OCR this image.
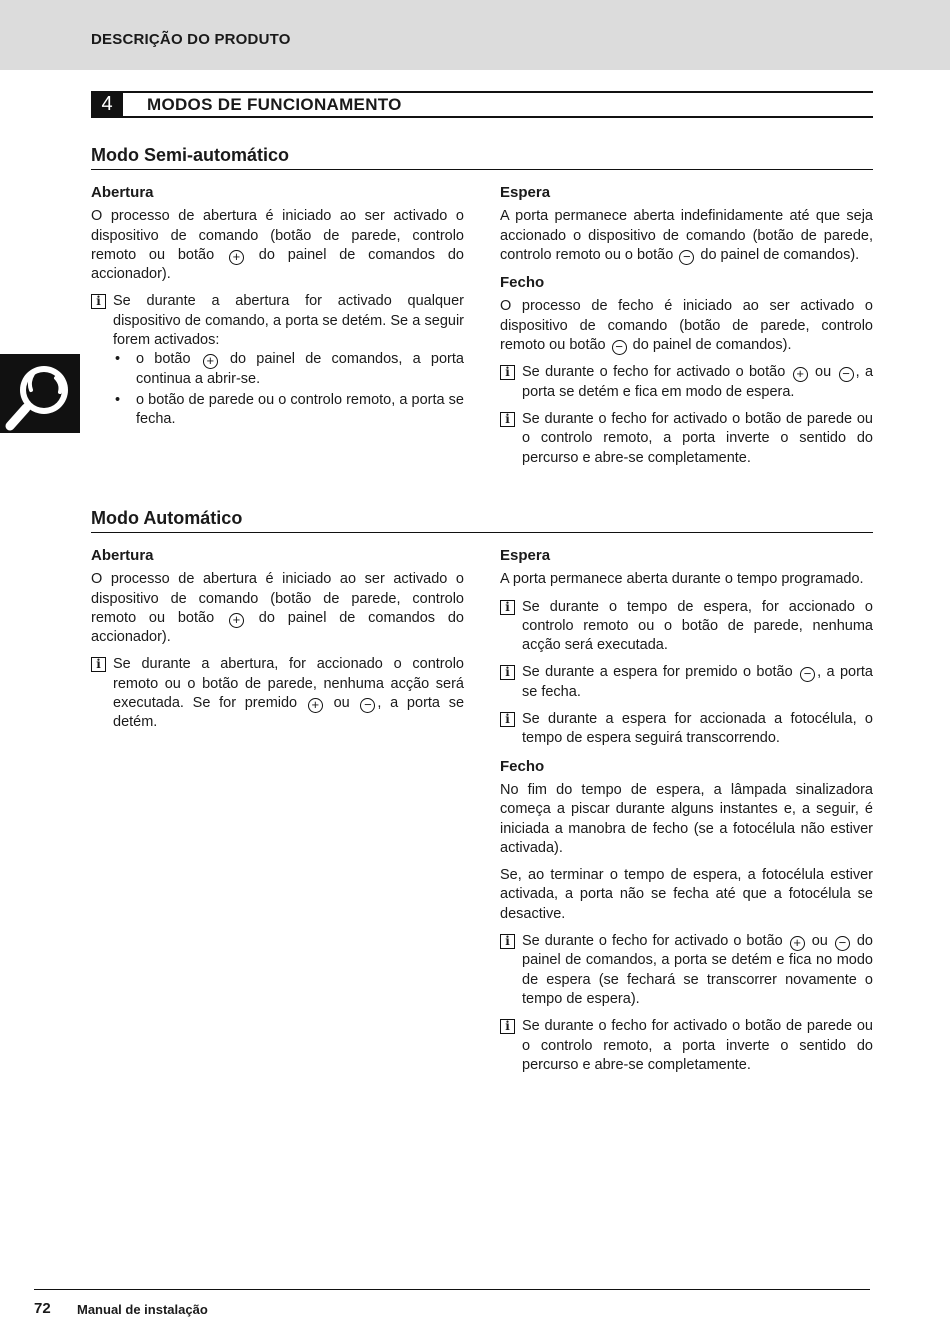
DESCRIÇÃO DO PRODUTO
4	MODOS DE FUNCIONAMENTO
Modo Semi-automático
Abertura

O processo de abertura é iniciado ao ser activado o dispositivo de comando (botão de parede, controlo remoto ou botão + do painel de comandos do accionador).

i Se durante a abertura for activado qualquer dispositivo de comando, a porta se detém. Se a seguir forem activados:
• o botão + do painel de comandos, a porta continua a abrir-se.
• o botão de parede ou o controlo remoto, a porta se fecha.
Espera

A porta permanece aberta indefinidamente até que seja accionado o dispositivo de comando (botão de parede, controlo remoto ou o botão − do painel de comandos).

Fecho

O processo de fecho é iniciado ao ser activado o dispositivo de comando (botão de parede, controlo remoto ou botão − do painel de comandos).

i Se durante o fecho for activado o botão + ou − , a porta se detém e fica em modo de espera.
i Se durante o fecho for activado o botão de parede ou o controlo remoto, a porta inverte o sentido do percurso e abre-se completamente.
Modo Automático
Abertura

O processo de abertura é iniciado ao ser activado o dispositivo de comando (botão de parede, controlo remoto ou botão + do painel de comandos do accionador).

i Se durante a abertura, for accionado o controlo remoto ou o botão de parede, nenhuma acção será executada. Se for premido + ou − , a porta se detém.
Espera

A porta permanece aberta durante o tempo programado.

i Se durante o tempo de espera, for accionado o controlo remoto ou o botão de parede, nenhuma acção será executada.
i Se durante a espera for premido o botão − , a porta se fecha.
i Se durante a espera for accionada a fotocélula, o tempo de espera seguirá transcorrendo.
Fecho

No fim do tempo de espera, a lâmpada sinalizadora começa a piscar durante alguns instantes e, a seguir, é iniciada a manobra de fecho (se a fotocélula não estiver activada).

Se, ao terminar o tempo de espera, a fotocélula estiver activada, a porta não se fecha até que a fotocélula se desactive.

i Se durante o fecho for activado o botão + ou − do painel de comandos, a porta se detém e fica no modo de espera (se fechará se transcorrer novamente o tempo de espera).
i Se durante o fecho for activado o botão de parede ou o controlo remoto, a porta inverte o sentido do percurso e abre-se completamente.
72 Manual de instalação
